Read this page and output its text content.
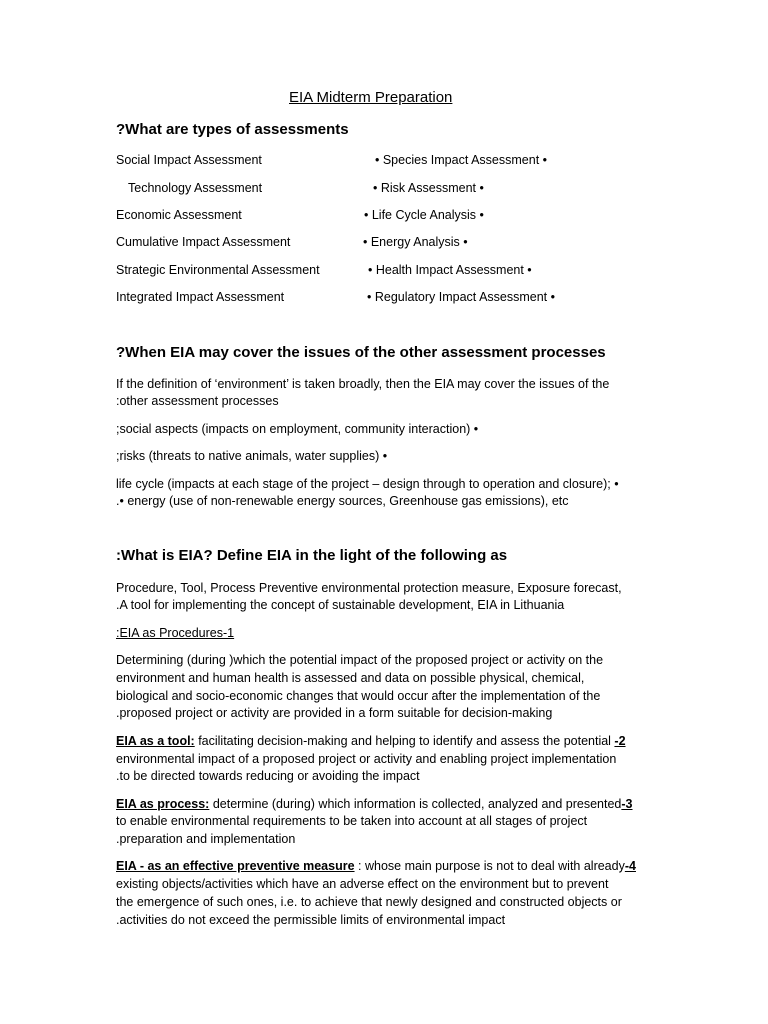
EIA Midterm Preparation
?What are types of assessments
Social Impact Assessment
Technology Assessment
Economic Assessment
Cumulative Impact Assessment
Strategic Environmental Assessment
Integrated Impact Assessment
• Species Impact Assessment •
• Risk Assessment •
• Life Cycle Analysis •
• Energy Analysis •
• Health Impact Assessment •
• Regulatory Impact Assessment •
?When EIA may cover the issues of the other assessment processes
If the definition of ‘environment’ is taken broadly, then the EIA may cover the issues of the
:other assessment processes
;social aspects (impacts on employment, community interaction) •
;risks (threats to native animals, water supplies) •
life cycle (impacts at each stage of the project – design through to operation and closure); •
.• energy (use of non-renewable energy sources, Greenhouse gas emissions), etc
:What is EIA? Define EIA in the light of the following as
Procedure, Tool, Process Preventive environmental protection measure, Exposure forecast,
.A tool for implementing the concept of sustainable development, EIA in Lithuania
:EIA as Procedures-1
Determining (during )which the potential impact of the proposed project or activity on the
environment and human health is assessed and data on possible physical, chemical,
biological and socio-economic changes that would occur after the implementation of the
.proposed project or activity are provided in a form suitable for decision-making
EIA as a tool: facilitating decision-making and helping to identify and assess the potential -2
environmental impact of a proposed project or activity and enabling project implementation
.to be directed towards reducing or avoiding the impact
EIA as process: determine (during) which information is collected, analyzed and presented-3
to enable environmental requirements to be taken into account at all stages of project
.preparation and implementation
EIA - as an effective preventive measure : whose main purpose is not to deal with already-4
existing objects/activities which have an adverse effect on the environment but to prevent
the emergence of such ones, i.e. to achieve that newly designed and constructed objects or
.activities do not exceed the permissible limits of environmental impact
